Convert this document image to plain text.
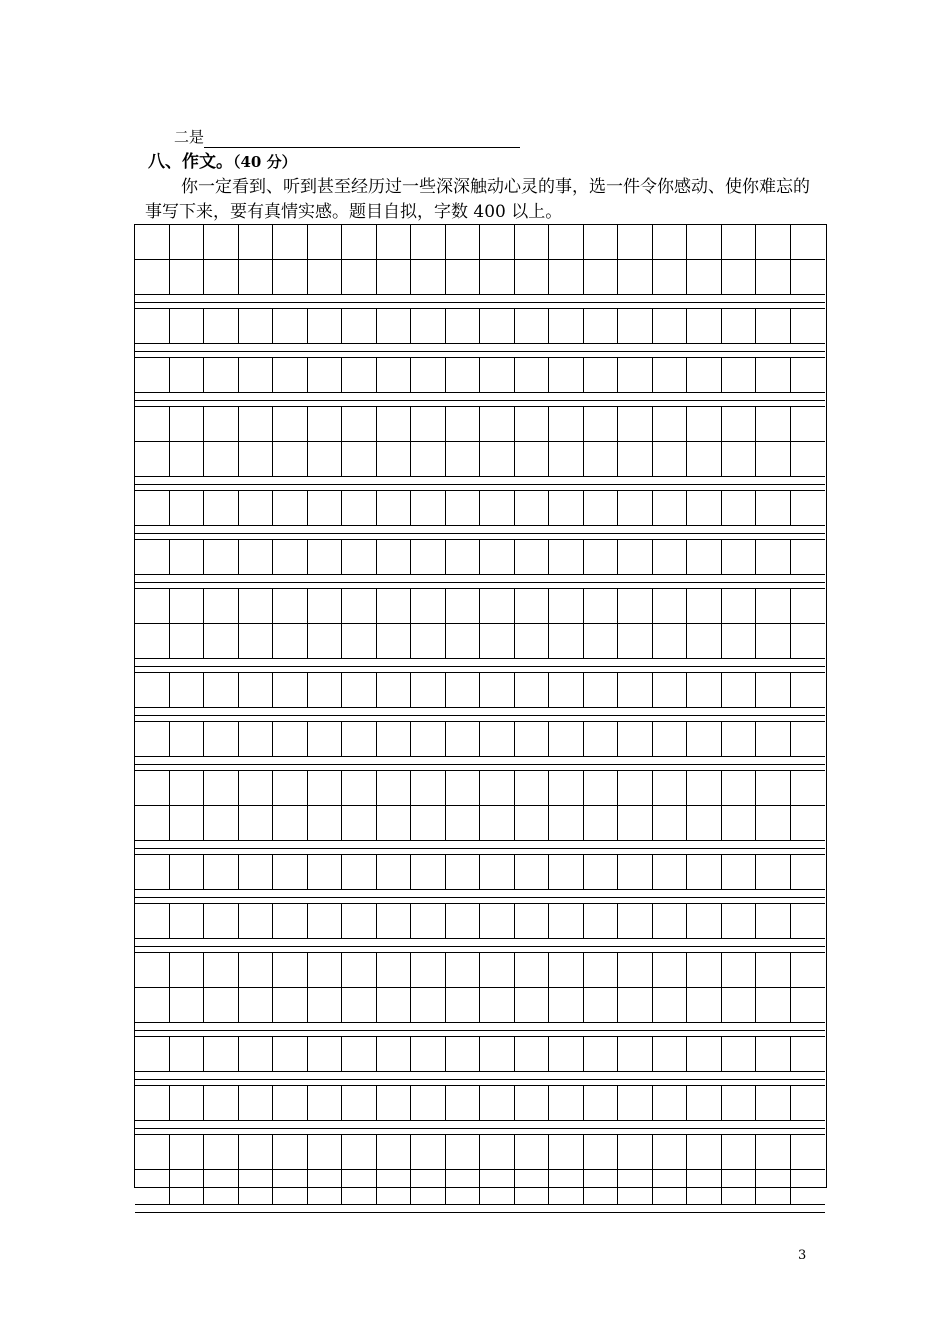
二是
八、作文。（40 分）
你一定看到、听到甚至经历过一些深深触动心灵的事，选一件令你感动、使你难忘的事写下来，要有真情实感。题目自拟，字数 400 以上。
3
